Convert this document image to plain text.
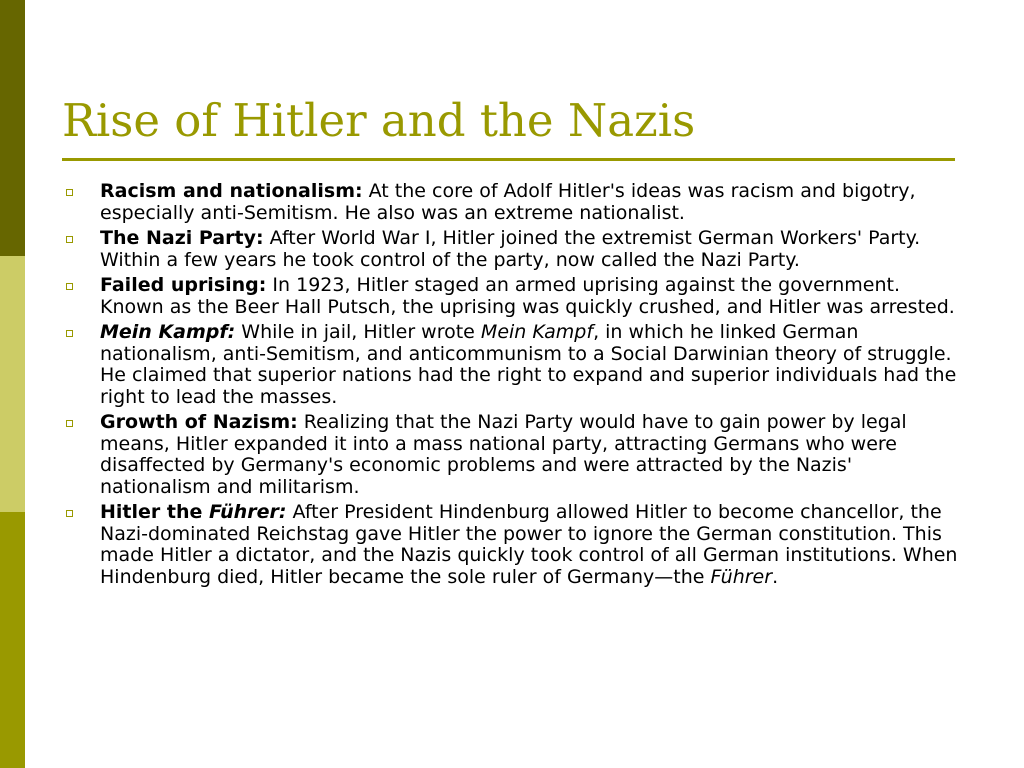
Rise of Hitler and the Nazis
Racism and nationalism: At the core of Adolf Hitler's ideas was racism and bigotry, especially anti-Semitism. He also was an extreme nationalist.
The Nazi Party: After World War I, Hitler joined the extremist German Workers' Party. Within a few years he took control of the party, now called the Nazi Party.
Failed uprising: In 1923, Hitler staged an armed uprising against the government. Known as the Beer Hall Putsch, the uprising was quickly crushed, and Hitler was arrested.
Mein Kampf: While in jail, Hitler wrote Mein Kampf, in which he linked German nationalism, anti-Semitism, and anticommunism to a Social Darwinian theory of struggle. He claimed that superior nations had the right to expand and superior individuals had the right to lead the masses.
Growth of Nazism: Realizing that the Nazi Party would have to gain power by legal means, Hitler expanded it into a mass national party, attracting Germans who were disaffected by Germany's economic problems and were attracted by the Nazis' nationalism and militarism.
Hitler the Führer: After President Hindenburg allowed Hitler to become chancellor, the Nazi-dominated Reichstag gave Hitler the power to ignore the German constitution. This made Hitler a dictator, and the Nazis quickly took control of all German institutions. When Hindenburg died, Hitler became the sole ruler of Germany—the Führer.
